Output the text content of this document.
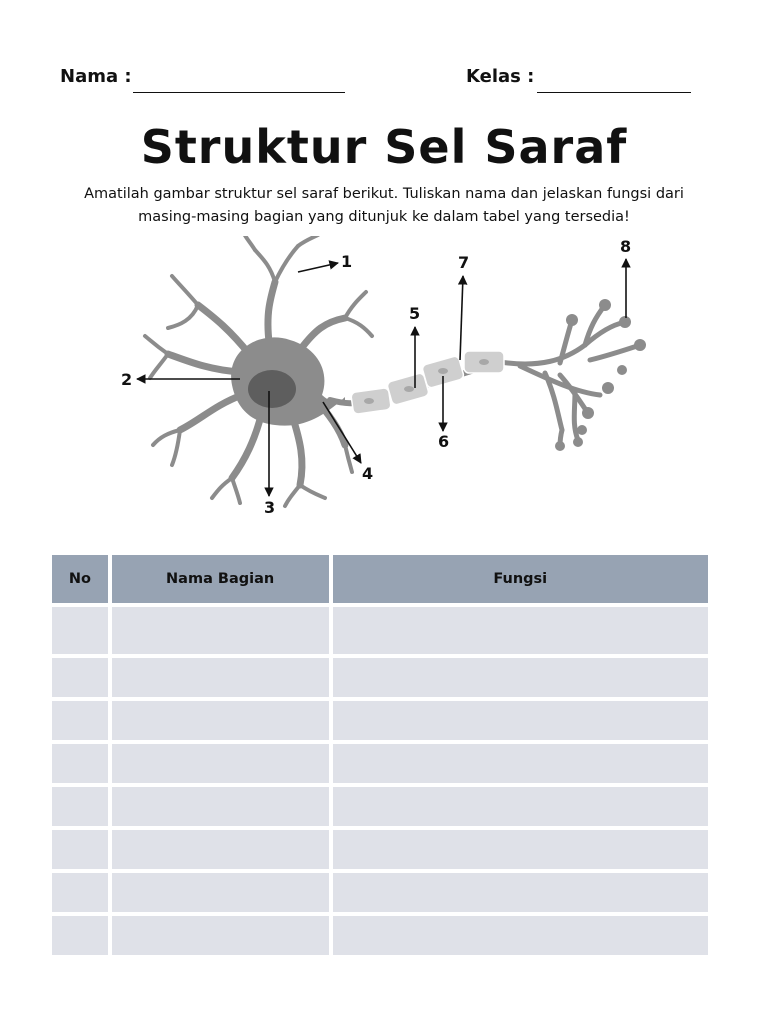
Nama :	Kelas :
Struktur Sel Saraf
Amatilah gambar struktur sel saraf berikut. Tuliskan nama dan jelaskan fungsi dari
masing-masing bagian yang ditunjuk ke dalam tabel yang tersedia!
1
2
3
4
5
6
7
8
No	Nama Bagian	Fungsi
